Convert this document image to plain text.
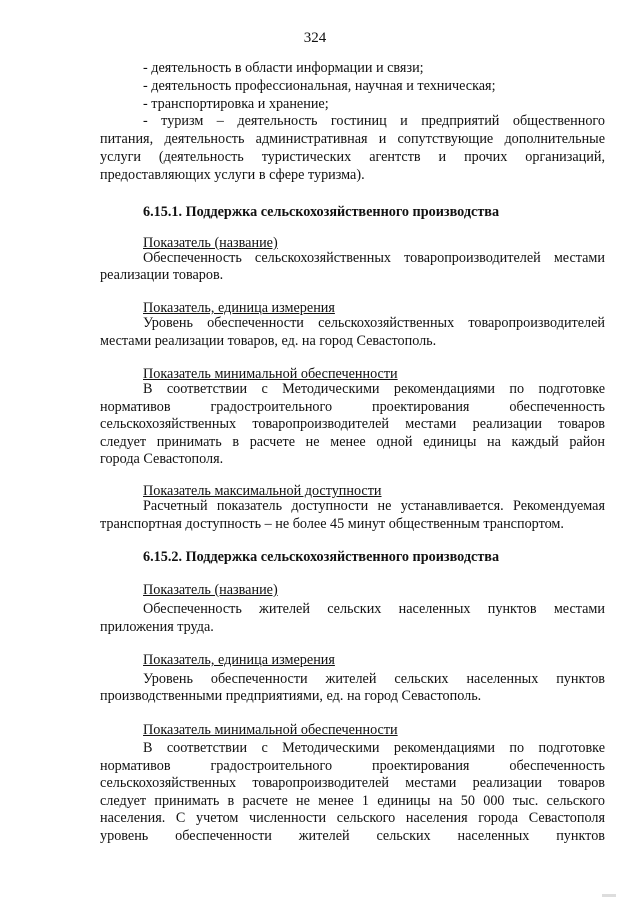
324
- деятельность в области информации и связи;
- деятельность профессиональная, научная и техническая;
- транспортировка и хранение;
- туризм – деятельность гостиниц и предприятий общественного
питания, деятельность административная и сопутствующие дополнительные
услуги (деятельность туристических агентств и прочих организаций,
предоставляющих услуги в сфере туризма).
6.15.1. Поддержка сельскохозяйственного производства
Показатель (название)
Обеспеченность сельскохозяйственных товаропроизводителей местами
реализации товаров.
Показатель, единица измерения
Уровень обеспеченности сельскохозяйственных товаропроизводителей
местами реализации товаров, ед. на город Севастополь.
Показатель минимальной обеспеченности
В соответствии с Методическими рекомендациями по подготовке
нормативов градостроительного проектирования обеспеченность
сельскохозяйственных товаропроизводителей местами реализации товаров
следует принимать в расчете не менее одной единицы на каждый район
города Севастополя.
Показатель максимальной доступности
Расчетный показатель доступности не устанавливается. Рекомендуемая
транспортная доступность – не более 45 минут общественным транспортом.
6.15.2. Поддержка сельскохозяйственного производства
Показатель (название)
Обеспеченность жителей сельских населенных пунктов местами
приложения труда.
Показатель, единица измерения
Уровень обеспеченности жителей сельских населенных пунктов
производственными предприятиями, ед. на город Севастополь.
Показатель минимальной обеспеченности
В соответствии с Методическими рекомендациями по подготовке
нормативов градостроительного проектирования обеспеченность
сельскохозяйственных товаропроизводителей местами реализации товаров
следует принимать в расчете не менее 1 единицы на 50 000 тыс. сельского
населения. С учетом численности сельского населения города Севастополя
уровень обеспеченности жителей сельских населенных пунктов
